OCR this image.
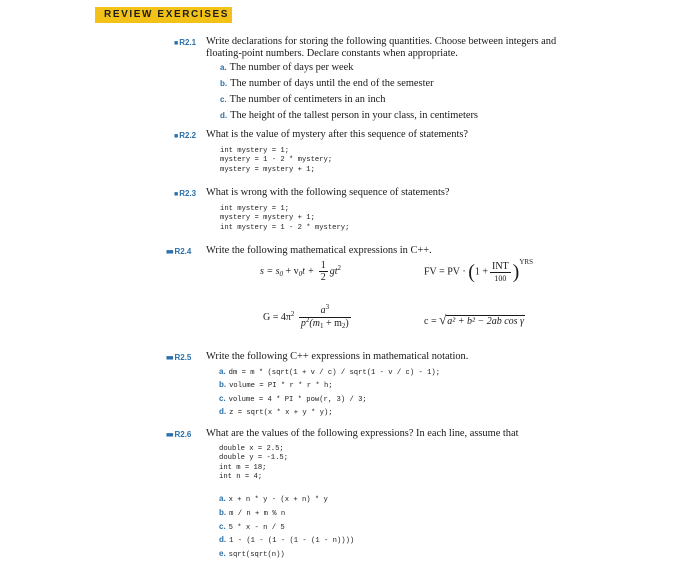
REVIEW EXERCISES
■ R2.1 Write declarations for storing the following quantities. Choose between integers and
floating-point numbers. Declare constants when appropriate.
a. The number of days per week
b. The number of days until the end of the semester
c. The number of centimeters in an inch
d. The height of the tallest person in your class, in centimeters
■ R2.2 What is the value of mystery after this sequence of statements?
int mystery = 1;
mystery = 1 - 2 * mystery;
mystery = mystery + 1;
■ R2.3 What is wrong with the following sequence of statements?
int mystery = 1;
mystery = mystery + 1;
int mystery = 1 - 2 * mystery;
■■ R2.4 Write the following mathematical expressions in C++.
$s = s_0 + v_0t + \frac{1}{2} gt^2$	FV = PV · $(1 + \frac{\text{INT}}{100} )^{YRS}$
$G = 4\pi^2 \frac{a^3}{p^2(m_1 + m_2)}$	c = √a² + b² − 2ab cos γ
■■ R2.5 Write the following C++ expressions in mathematical notation.
a. dm = m * (sqrt(1 + v / c) / sqrt(1 - v / c) - 1);
b. volume = PI * r * r * h;
c. volume = 4 * PI * pow(r, 3) / 3;
d. z = sqrt(x * x + y * y);
■■ R2.6 What are the values of the following expressions? In each line, assume that
double x = 2.5;
double y = -1.5;
int m = 18;
int n = 4;
a. x + n * y - (x + n) * y
b. m / n + m % n
c. 5 * x - n / 5
d. 1 - (1 - (1 - (1 - (1 - n))))
e. sqrt(sqrt(n))
